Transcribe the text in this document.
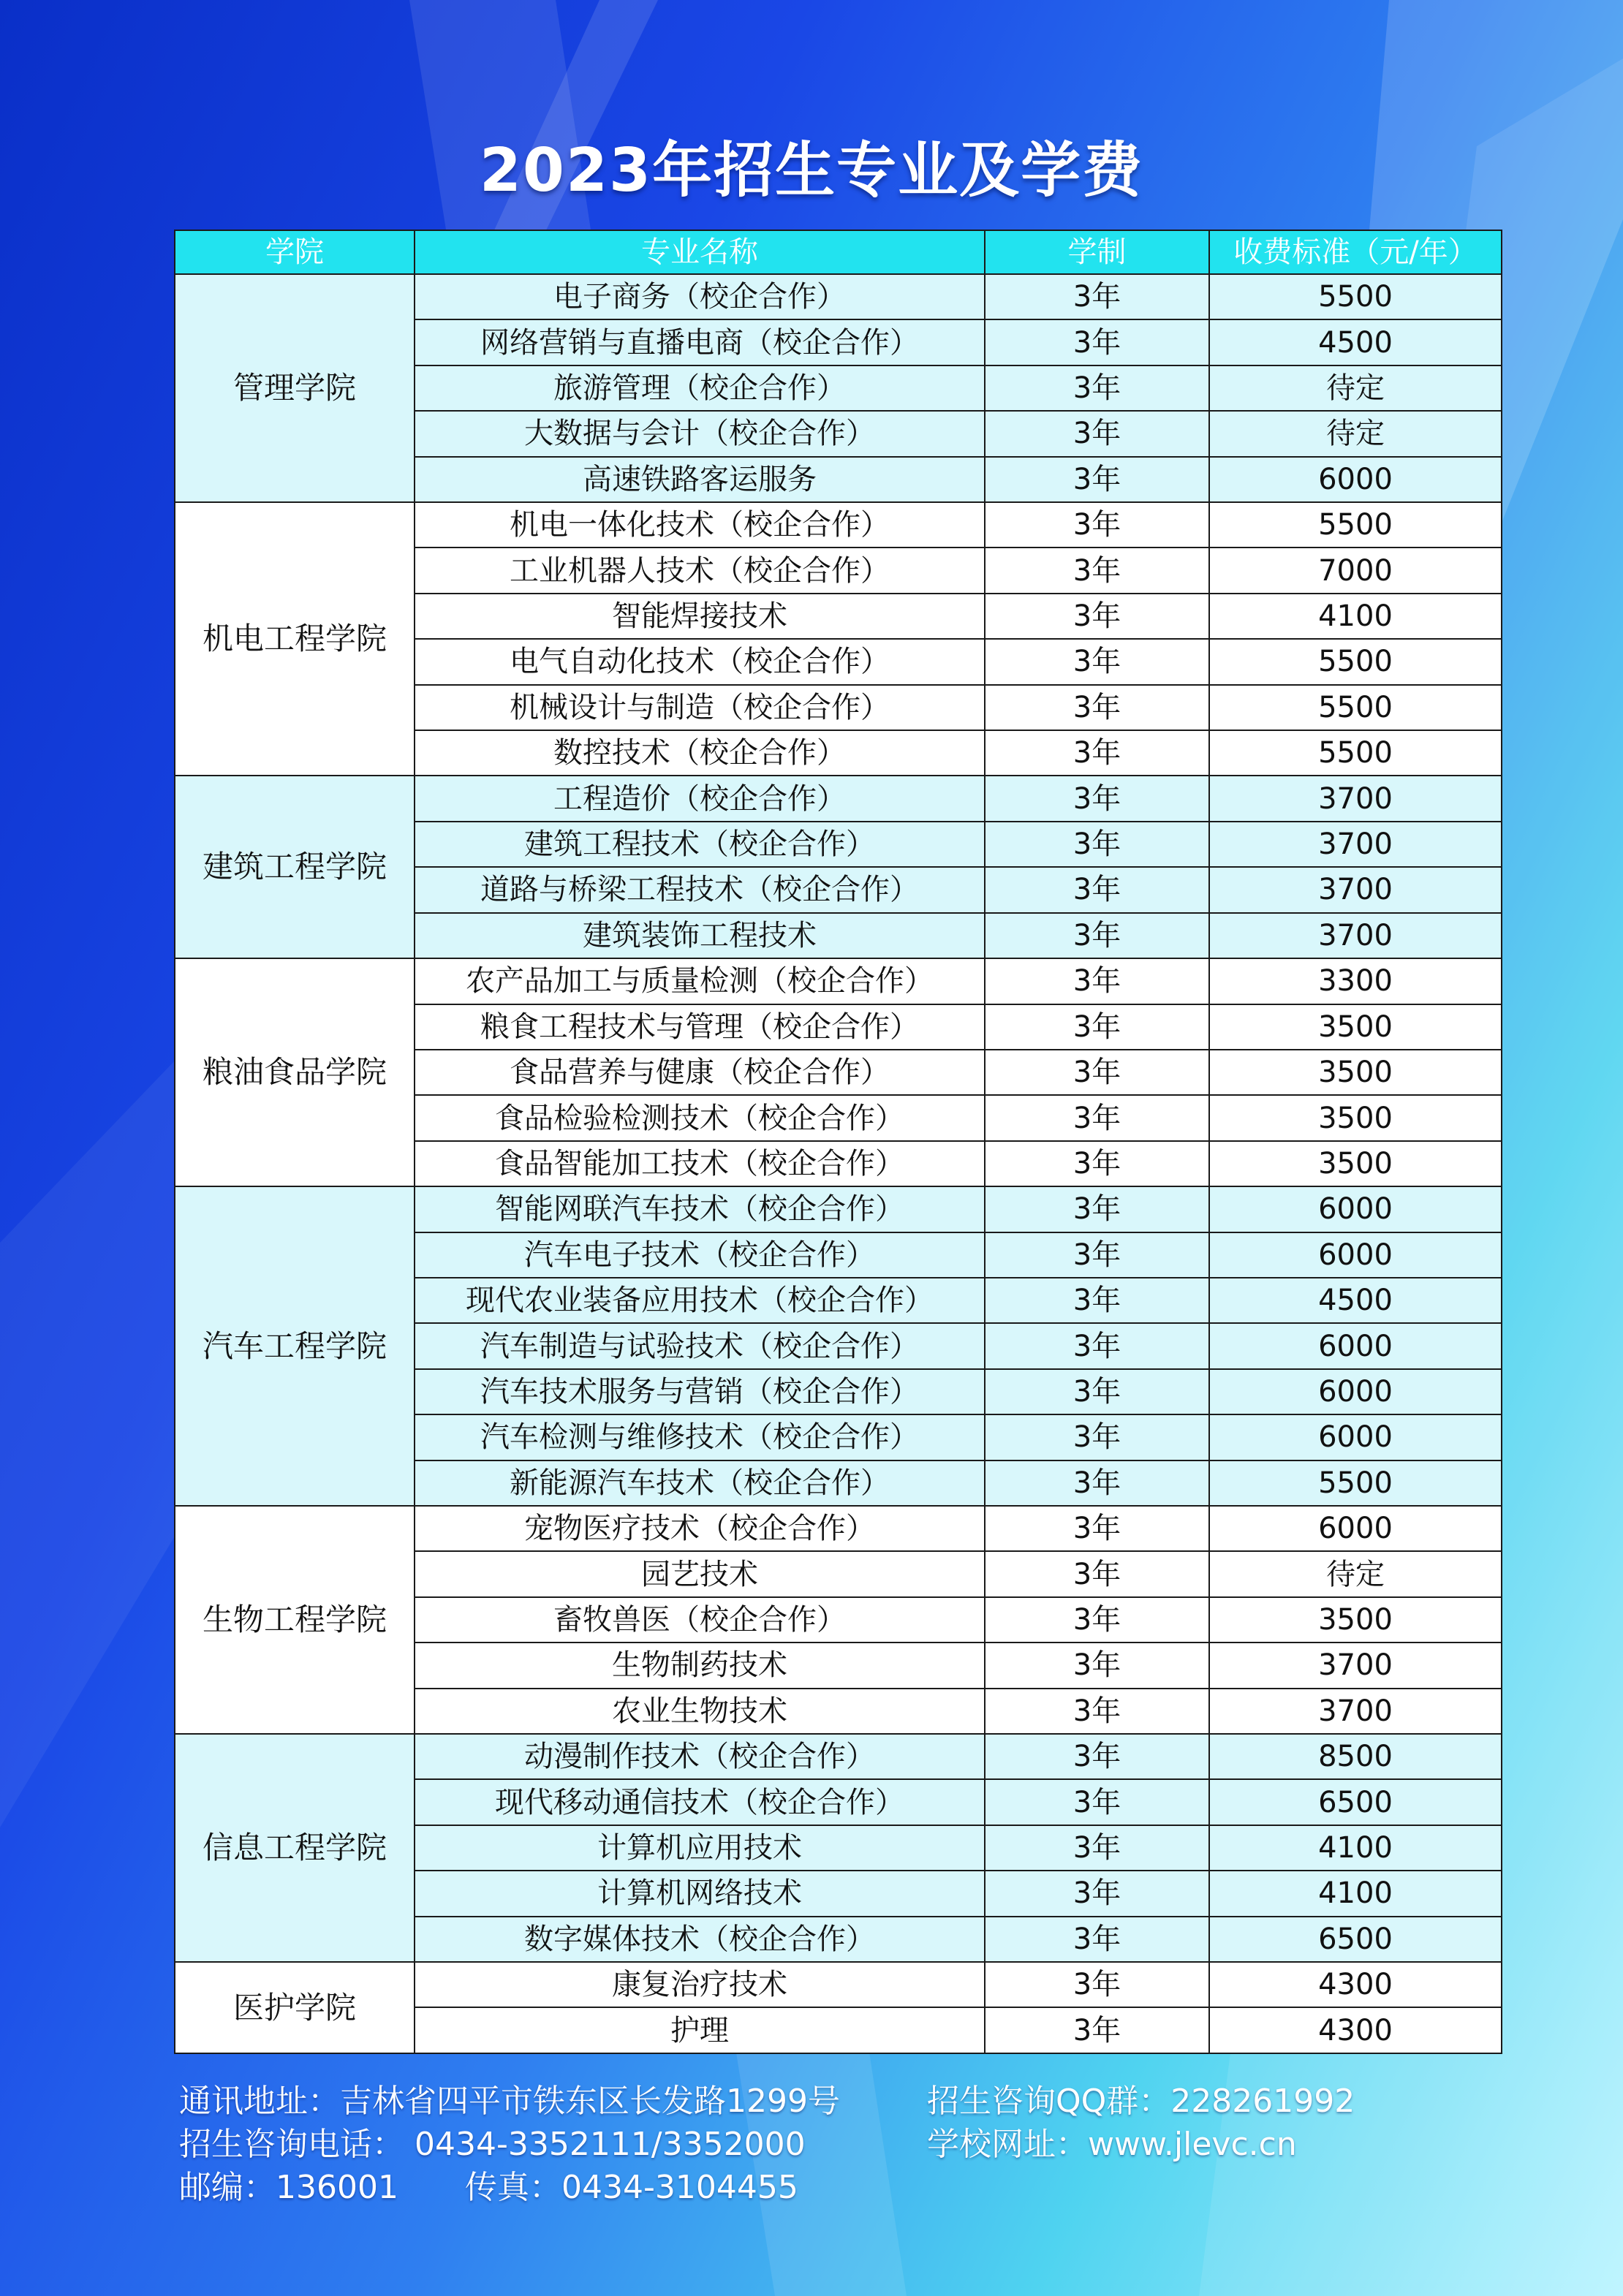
2023年招生专业及学费
学院	专业名称	学制	收费标准（元/年）
管理学院	电子商务（校企合作）	3年	5500
	网络营销与直播电商（校企合作）	3年	4500
	旅游管理（校企合作）	3年	待定
	大数据与会计（校企合作）	3年	待定
	高速铁路客运服务	3年	6000
机电工程学院	机电一体化技术（校企合作）	3年	5500
	工业机器人技术（校企合作）	3年	7000
	智能焊接技术	3年	4100
	电气自动化技术（校企合作）	3年	5500
	机械设计与制造（校企合作）	3年	5500
	数控技术（校企合作）	3年	5500
建筑工程学院	工程造价（校企合作）	3年	3700
	建筑工程技术（校企合作）	3年	3700
	道路与桥梁工程技术（校企合作）	3年	3700
	建筑装饰工程技术	3年	3700
粮油食品学院	农产品加工与质量检测（校企合作）	3年	3300
	粮食工程技术与管理（校企合作）	3年	3500
	食品营养与健康（校企合作）	3年	3500
	食品检验检测技术（校企合作）	3年	3500
	食品智能加工技术（校企合作）	3年	3500
汽车工程学院	智能网联汽车技术（校企合作）	3年	6000
	汽车电子技术（校企合作）	3年	6000
	现代农业装备应用技术（校企合作）	3年	4500
	汽车制造与试验技术（校企合作）	3年	6000
	汽车技术服务与营销（校企合作）	3年	6000
	汽车检测与维修技术（校企合作）	3年	6000
	新能源汽车技术（校企合作）	3年	5500
生物工程学院	宠物医疗技术（校企合作）	3年	6000
	园艺技术	3年	待定
	畜牧兽医（校企合作）	3年	3500
	生物制药技术	3年	3700
	农业生物技术	3年	3700
信息工程学院	动漫制作技术（校企合作）	3年	8500
	现代移动通信技术（校企合作）	3年	6500
	计算机应用技术	3年	4100
	计算机网络技术	3年	4100
	数字媒体技术（校企合作）	3年	6500
医护学院	康复治疗技术	3年	4300
	护理	3年	4300
通讯地址：吉林省四平市铁东区长发路1299号	招生咨询QQ群：228261992
招生咨询电话： 0434-3352111/3352000	学校网址：www.jlevc.cn
邮编：136001 传真：0434-3104455
